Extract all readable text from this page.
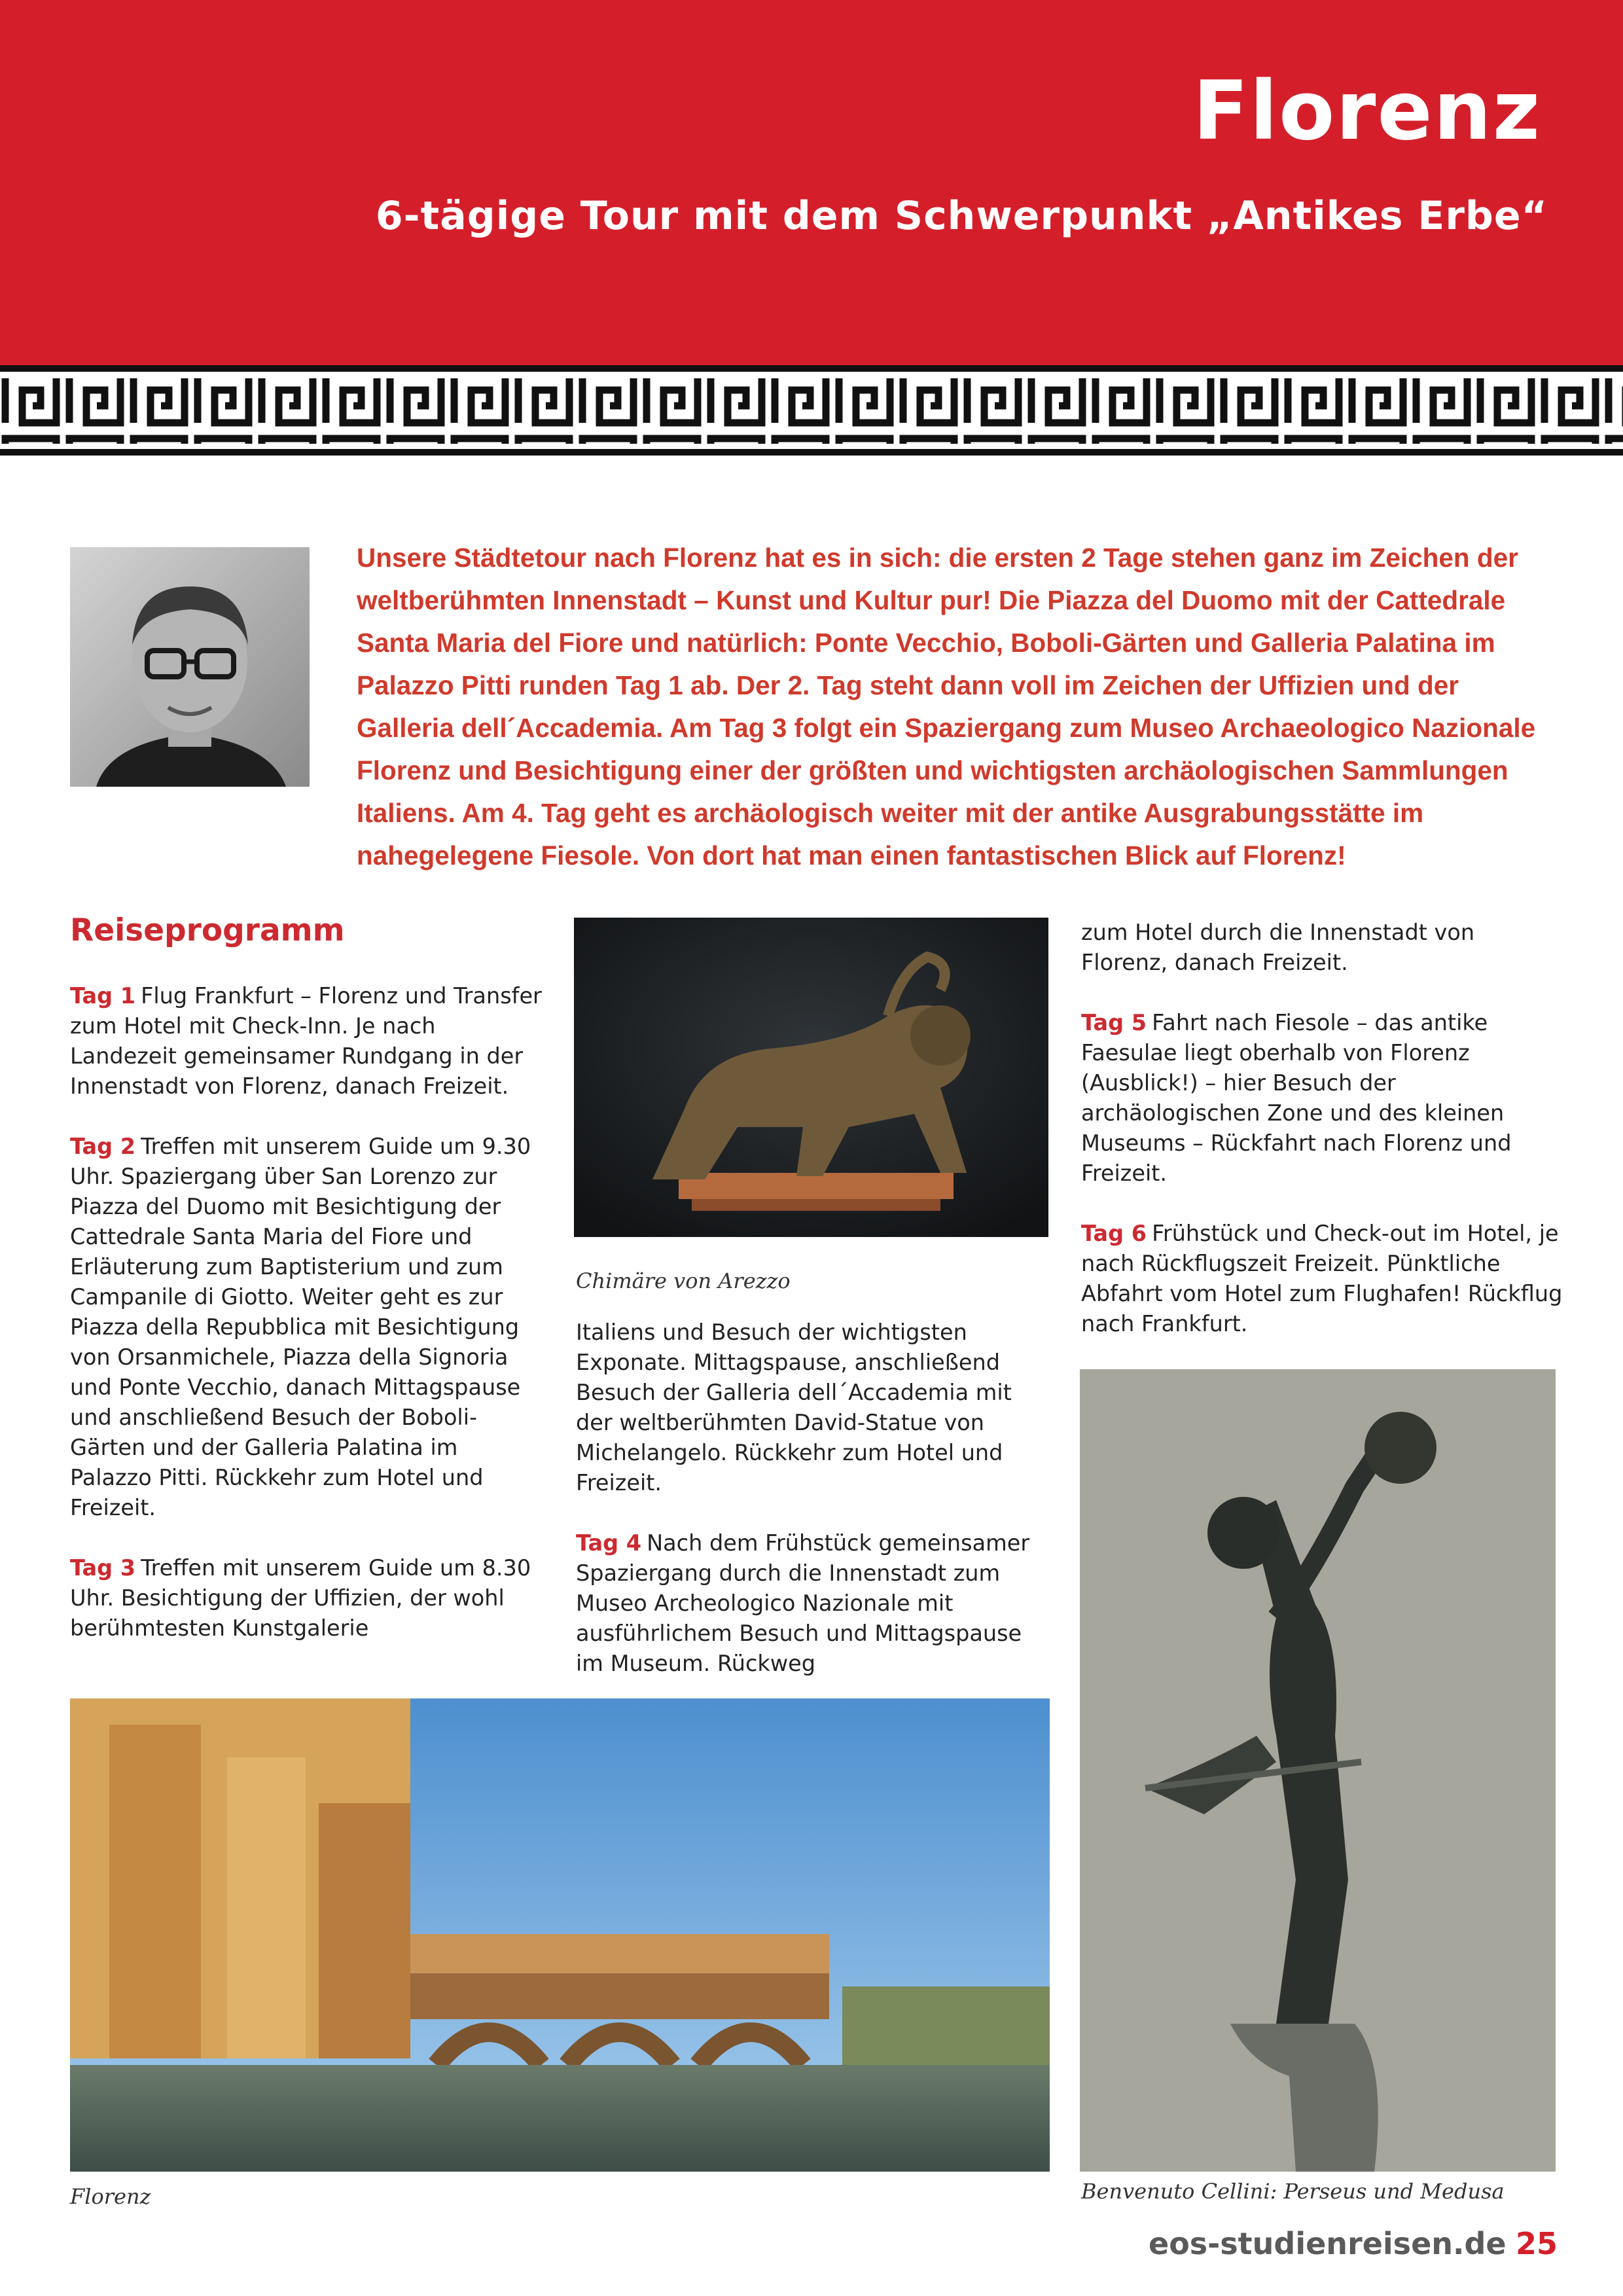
Florenz
6-tägige Tour mit dem Schwerpunkt „Antikes Erbe“

Unsere Städtetour nach Florenz hat es in sich: die ersten 2 Tage stehen ganz im Zeichen der weltberühmten Innenstadt – Kunst und Kultur pur! Die Piazza del Duomo mit der Cattedrale Santa Maria del Fiore und natürlich: Ponte Vecchio, Boboli-Gärten und Galleria Palatina im Palazzo Pitti runden Tag 1 ab. Der 2. Tag steht dann voll im Zeichen der Uffizien und der Galleria dell´Accademia. Am Tag 3 folgt ein Spaziergang zum Museo Archaeologico Nazionale Florenz und Besichtigung einer der größten und wichtigsten archäologischen Sammlungen Italiens. Am 4. Tag geht es archäologisch weiter mit der antike Ausgrabungsstätte im nahegelegene Fiesole. Von dort hat man einen fantastischen Blick auf Florenz!

Reiseprogramm

Tag 1 Flug Frankfurt – Florenz und Transfer zum Hotel mit Check-Inn. Je nach Landezeit gemeinsamer Rundgang in der Innenstadt von Florenz, danach Freizeit.

Tag 2 Treffen mit unserem Guide um 9.30 Uhr. Spaziergang über San Lorenzo zur Piazza del Duomo mit Besichtigung der Cattedrale Santa Maria del Fiore und Erläuterung zum Baptisterium und zum Campanile di Giotto. Weiter geht es zur Piazza della Repubblica mit Besichtigung von Orsanmichele, Piazza della Signoria und Ponte Vecchio, danach Mittagspause und anschließend Besuch der Boboli-Gärten und der Galleria Palatina im Palazzo Pitti. Rückkehr zum Hotel und Freizeit.

Tag 3 Treffen mit unserem Guide um 8.30 Uhr. Besichtigung der Uffizien, der wohl berühmtesten Kunstgalerie

Chimäre von Arezzo

Italiens und Besuch der wichtigsten Exponate. Mittagspause, anschließend Besuch der Galleria dell´Accademia mit der weltberühmten David-Statue von Michelangelo. Rückkehr zum Hotel und Freizeit.

Tag 4 Nach dem Frühstück gemeinsamer Spaziergang durch die Innenstadt zum Museo Archeologico Nazionale mit ausführlichem Besuch und Mittagspause im Museum. Rückweg

zum Hotel durch die Innenstadt von Florenz, danach Freizeit.

Tag 5 Fahrt nach Fiesole – das antike Faesulae liegt oberhalb von Florenz (Ausblick!) – hier Besuch der archäologischen Zone und des kleinen Museums – Rückfahrt nach Florenz und Freizeit.

Tag 6 Frühstück und Check-out im Hotel, je nach Rückflugszeit Freizeit. Pünktliche Abfahrt vom Hotel zum Flughafen! Rückflug nach Frankfurt.

Florenz	Benvenuto Cellini: Perseus und Medusa
eos-studienreisen.de 25
